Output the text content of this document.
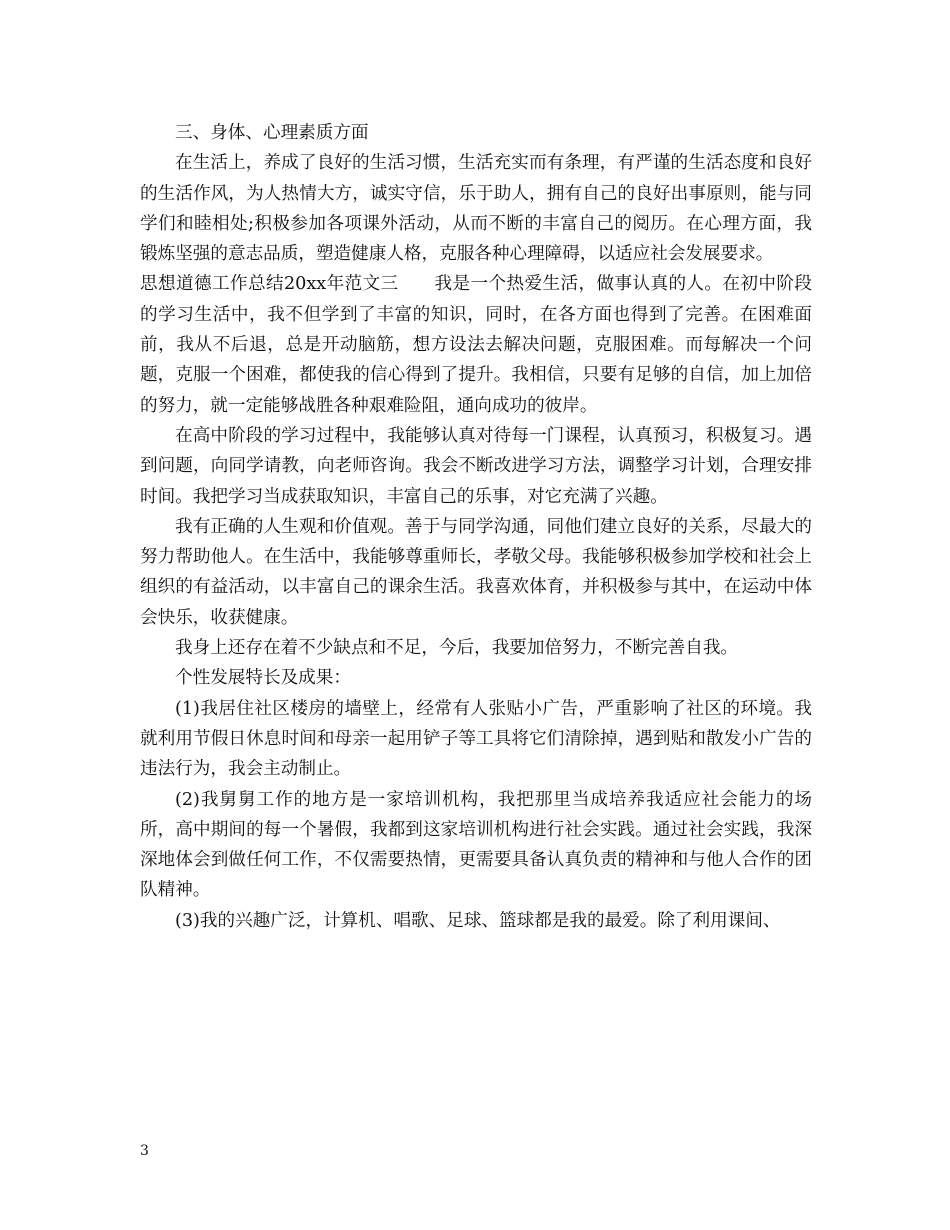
三、身体、心理素质方面

在生活上，养成了良好的生活习惯，生活充实而有条理，有严谨的生活态度和良好的生活作风，为人热情大方，诚实守信，乐于助人，拥有自己的良好出事原则，能与同学们和睦相处;积极参加各项课外活动，从而不断的丰富自己的阅历。在心理方面，我锻炼坚强的意志品质，塑造健康人格，克服各种心理障碍，以适应社会发展要求。

思想道德工作总结20xx年范文三　　我是一个热爱生活，做事认真的人。在初中阶段的学习生活中，我不但学到了丰富的知识，同时，在各方面也得到了完善。在困难面前，我从不后退，总是开动脑筋，想方设法去解决问题，克服困难。而每解决一个问题，克服一个困难，都使我的信心得到了提升。我相信，只要有足够的自信，加上加倍的努力，就一定能够战胜各种艰难险阻，通向成功的彼岸。

在高中阶段的学习过程中，我能够认真对待每一门课程，认真预习，积极复习。遇到问题，向同学请教，向老师咨询。我会不断改进学习方法，调整学习计划，合理安排时间。我把学习当成获取知识，丰富自己的乐事，对它充满了兴趣。

我有正确的人生观和价值观。善于与同学沟通，同他们建立良好的关系，尽最大的努力帮助他人。在生活中，我能够尊重师长，孝敬父母。我能够积极参加学校和社会上组织的有益活动，以丰富自己的课余生活。我喜欢体育，并积极参与其中，在运动中体会快乐，收获健康。

我身上还存在着不少缺点和不足，今后，我要加倍努力，不断完善自我。

个性发展特长及成果：

(1)我居住社区楼房的墙壁上，经常有人张贴小广告，严重影响了社区的环境。我就利用节假日休息时间和母亲一起用铲子等工具将它们清除掉，遇到贴和散发小广告的违法行为，我会主动制止。

(2)我舅舅工作的地方是一家培训机构，我把那里当成培养我适应社会能力的场所，高中期间的每一个暑假，我都到这家培训机构进行社会实践。通过社会实践，我深深地体会到做任何工作，不仅需要热情，更需要具备认真负责的精神和与他人合作的团队精神。

(3)我的兴趣广泛，计算机、唱歌、足球、篮球都是我的最爱。除了利用课间、

3
